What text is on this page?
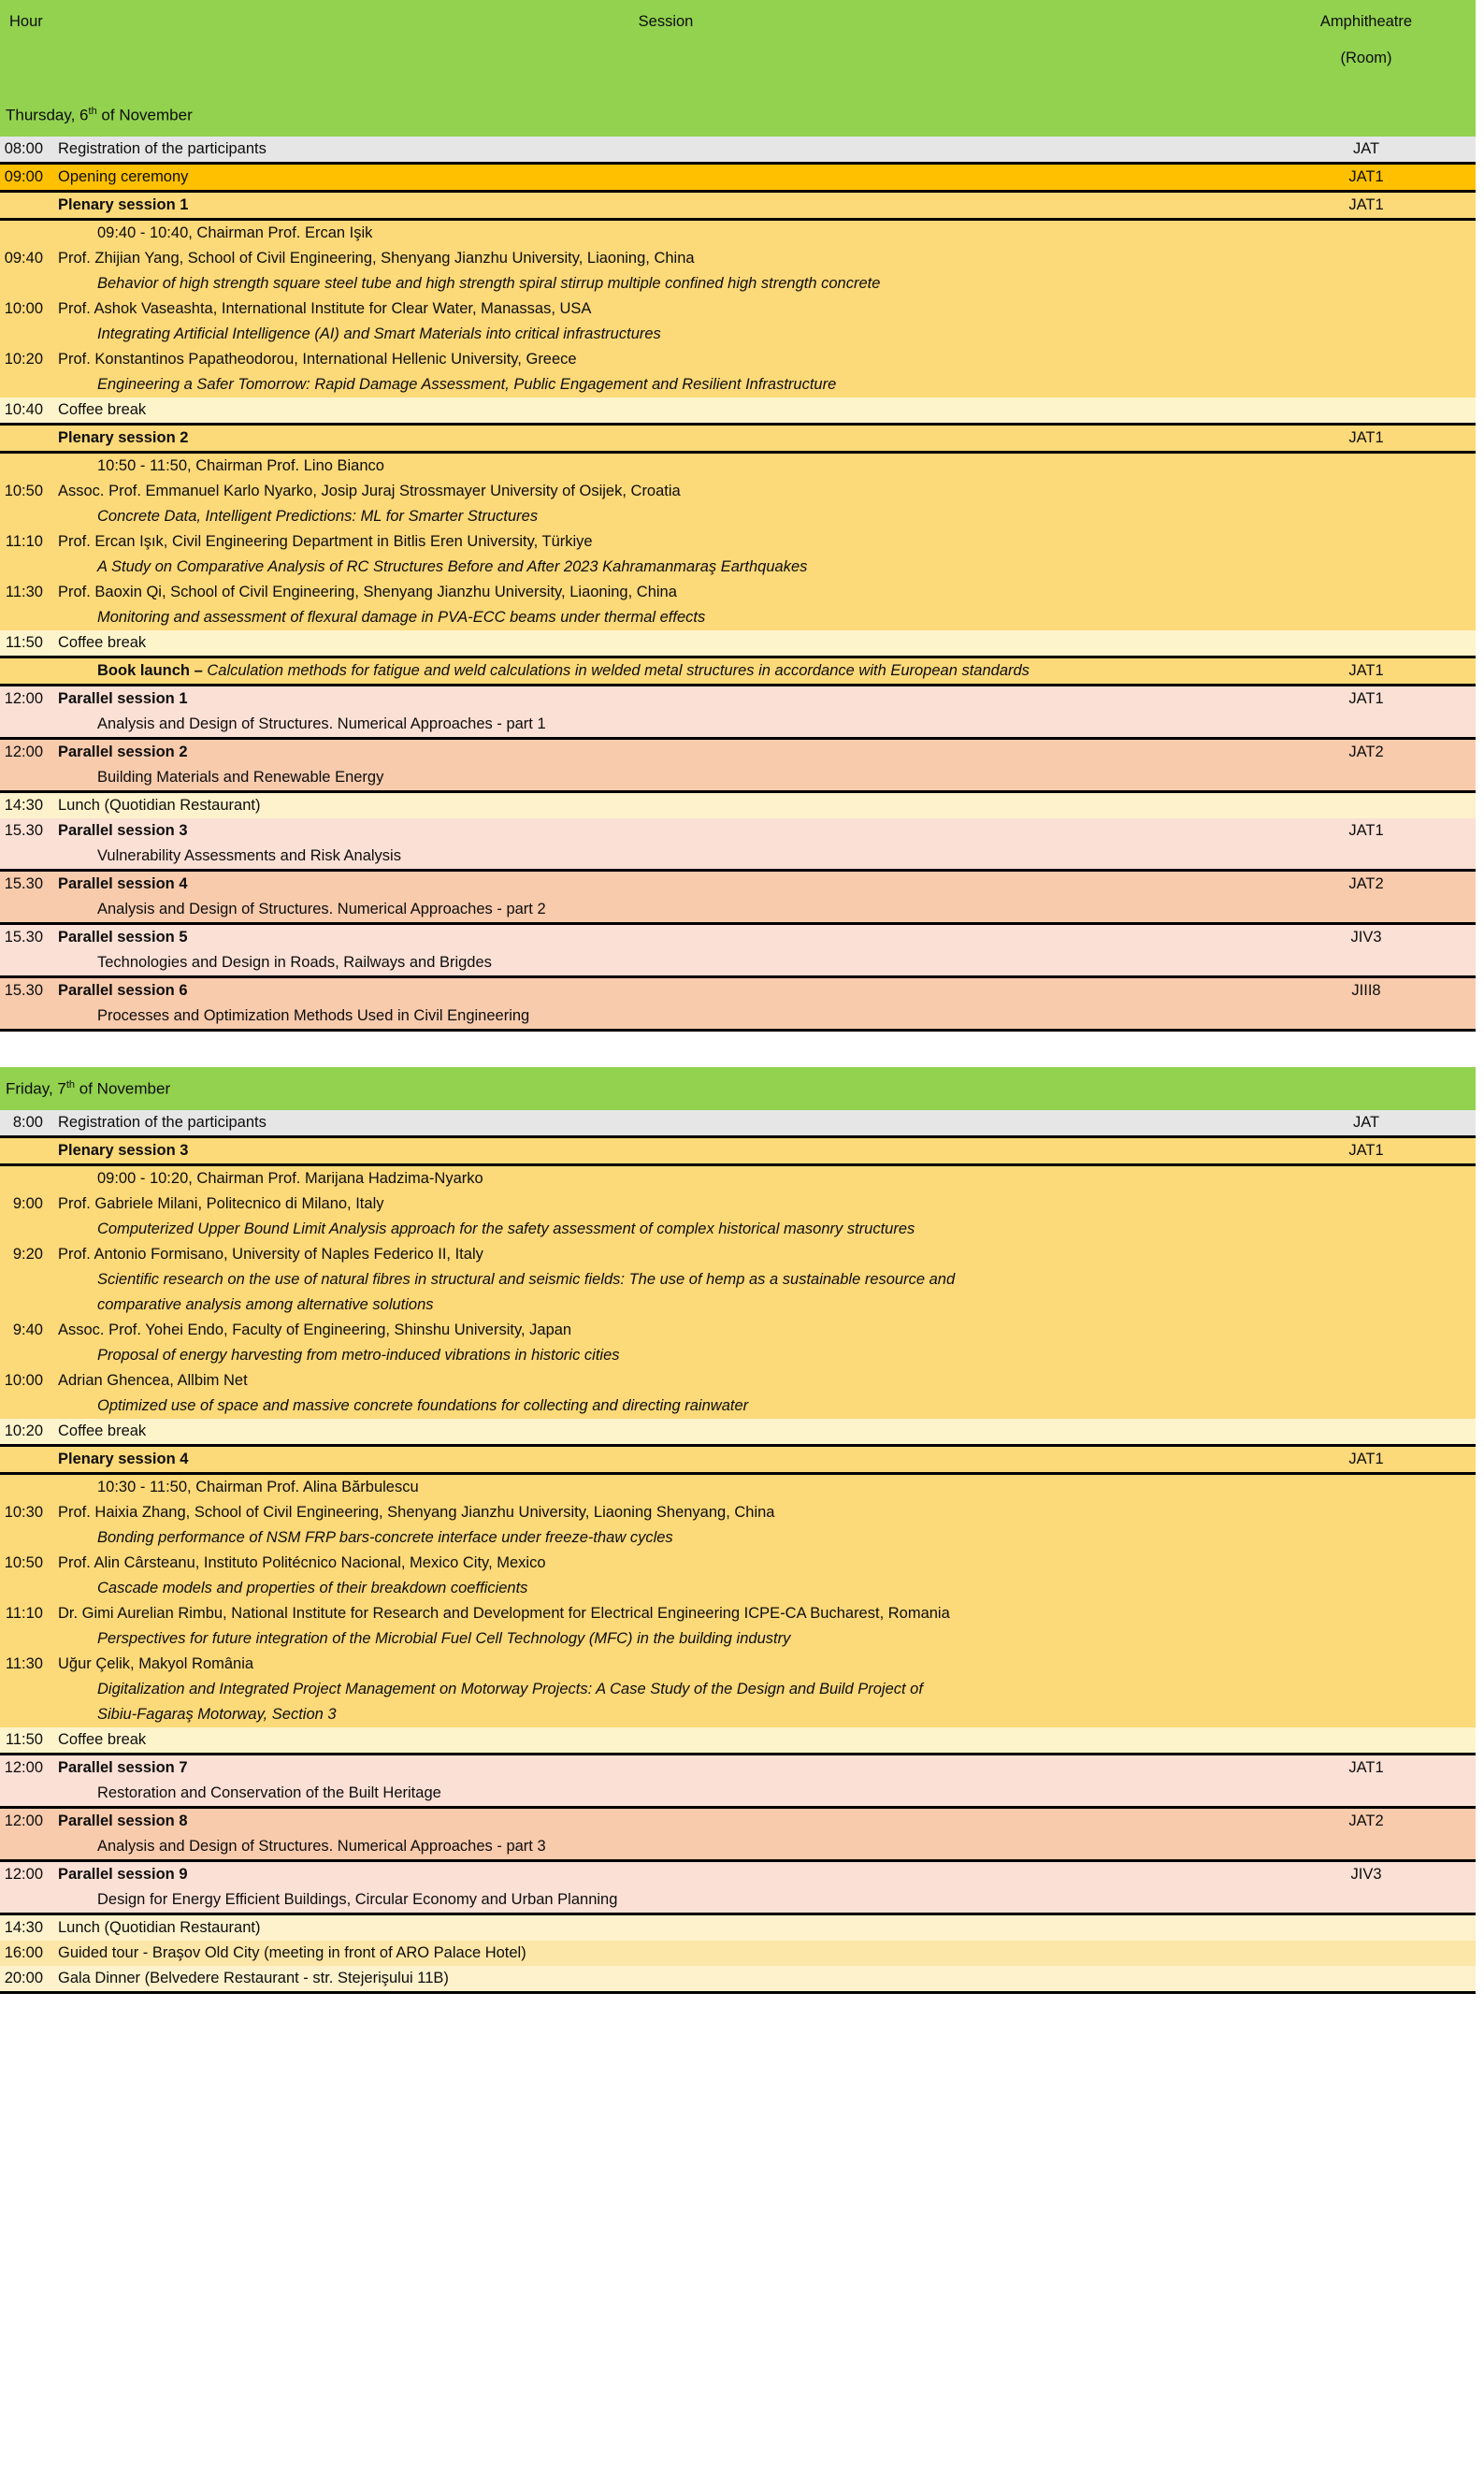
Hour	Session	Amphitheatre
		(Room)

Thursday, 6th of November		
08:00	Registration of the participants	JAT

09:00	Opening ceremony	JAT1

	Plenary session 1	JAT1

	09:40 - 10:40, Chairman Prof. Ercan Işik	
09:40	Prof. Zhijian Yang, School of Civil Engineering, Shenyang Jianzhu University, Liaoning, China	
	Behavior of high strength square steel tube and high strength spiral stirrup multiple confined high strength concrete	
10:00	Prof. Ashok Vaseashta, International Institute for Clear Water, Manassas, USA	
	Integrating Artificial Intelligence (AI) and Smart Materials into critical infrastructures	
10:20	Prof. Konstantinos Papatheodorou, International Hellenic University, Greece	
	Engineering a Safer Tomorrow: Rapid Damage Assessment, Public Engagement and Resilient Infrastructure	
10:40	Coffee break	

	Plenary session 2	JAT1

	10:50 - 11:50, Chairman Prof. Lino Bianco	
10:50	Assoc. Prof. Emmanuel Karlo Nyarko, Josip Juraj Strossmayer University of Osijek, Croatia	
	Concrete Data, Intelligent Predictions: ML for Smarter Structures	
11:10	Prof. Ercan Işık, Civil Engineering Department in Bitlis Eren University, Türkiye	
	A Study on Comparative Analysis of RC Structures Before and After 2023 Kahramanmaraş Earthquakes	
11:30	Prof. Baoxin Qi, School of Civil Engineering, Shenyang Jianzhu University, Liaoning, China	
	Monitoring and assessment of flexural damage in PVA-ECC beams under thermal effects	
11:50	Coffee break	

	Book launch – Calculation methods for fatigue and weld calculations in welded metal structures in accordance with European standards	JAT1

12:00	Parallel session 1	JAT1
	Analysis and Design of Structures. Numerical Approaches - part 1	

12:00	Parallel session 2	JAT2
	Building Materials and Renewable Energy	

14:30	Lunch (Quotidian Restaurant)	
15.30	Parallel session 3	JAT1
	Vulnerability Assessments and Risk Analysis	

15.30	Parallel session 4	JAT2
	Analysis and Design of Structures. Numerical Approaches - part 2	

15.30	Parallel session 5	JIV3
	Technologies and Design in Roads, Railways and Brigdes	

15.30	Parallel session 6	JIII8
	Processes and Optimization Methods Used in Civil Engineering	

Friday, 7th of November		
8:00	Registration of the participants	JAT

	Plenary session 3	JAT1

	09:00 - 10:20, Chairman Prof. Marijana Hadzima-Nyarko	
9:00	Prof. Gabriele Milani, Politecnico di Milano, Italy	
	Computerized Upper Bound Limit Analysis approach for the safety assessment of complex historical masonry structures	
9:20	Prof. Antonio Formisano, University of Naples Federico II, Italy	
	Scientific research on the use of natural fibres in structural and seismic fields: The use of hemp as a sustainable resource and	
	comparative analysis among alternative solutions	
9:40	Assoc. Prof. Yohei Endo, Faculty of Engineering, Shinshu University, Japan	
	Proposal of energy harvesting from metro-induced vibrations in historic cities	
10:00	Adrian Ghencea, Allbim Net	
	Optimized use of space and massive concrete foundations for collecting and directing rainwater	
10:20	Coffee break	

	Plenary session 4	JAT1

	10:30 - 11:50, Chairman Prof. Alina Bărbulescu	
10:30	Prof. Haixia Zhang, School of Civil Engineering, Shenyang Jianzhu University, Liaoning Shenyang, China	
	Bonding performance of NSM FRP bars-concrete interface under freeze-thaw cycles	
10:50	Prof. Alin Cârsteanu, Instituto Politécnico Nacional, Mexico City, Mexico	
	Cascade models and properties of their breakdown coefficients	
11:10	Dr. Gimi Aurelian Rimbu, National Institute for Research and Development for Electrical Engineering ICPE-CA Bucharest, Romania	
	Perspectives for future integration of the Microbial Fuel Cell Technology (MFC) in the building industry	
11:30	Uğur Çelik, Makyol România	
	Digitalization and Integrated Project Management on Motorway Projects: A Case Study of the Design and Build Project of	
	Sibiu-Fagaraş Motorway, Section 3	
11:50	Coffee break	

12:00	Parallel session 7	JAT1
	Restoration and Conservation of the Built Heritage	

12:00	Parallel session 8	JAT2
	Analysis and Design of Structures. Numerical Approaches - part 3	

12:00	Parallel session 9	JIV3
	Design for Energy Efficient Buildings, Circular Economy and Urban Planning	

14:30	Lunch (Quotidian Restaurant)	
16:00	Guided tour - Braşov Old City (meeting in front of ARO Palace Hotel)	
20:00	Gala Dinner (Belvedere Restaurant - str. Stejerişului 11B)	
